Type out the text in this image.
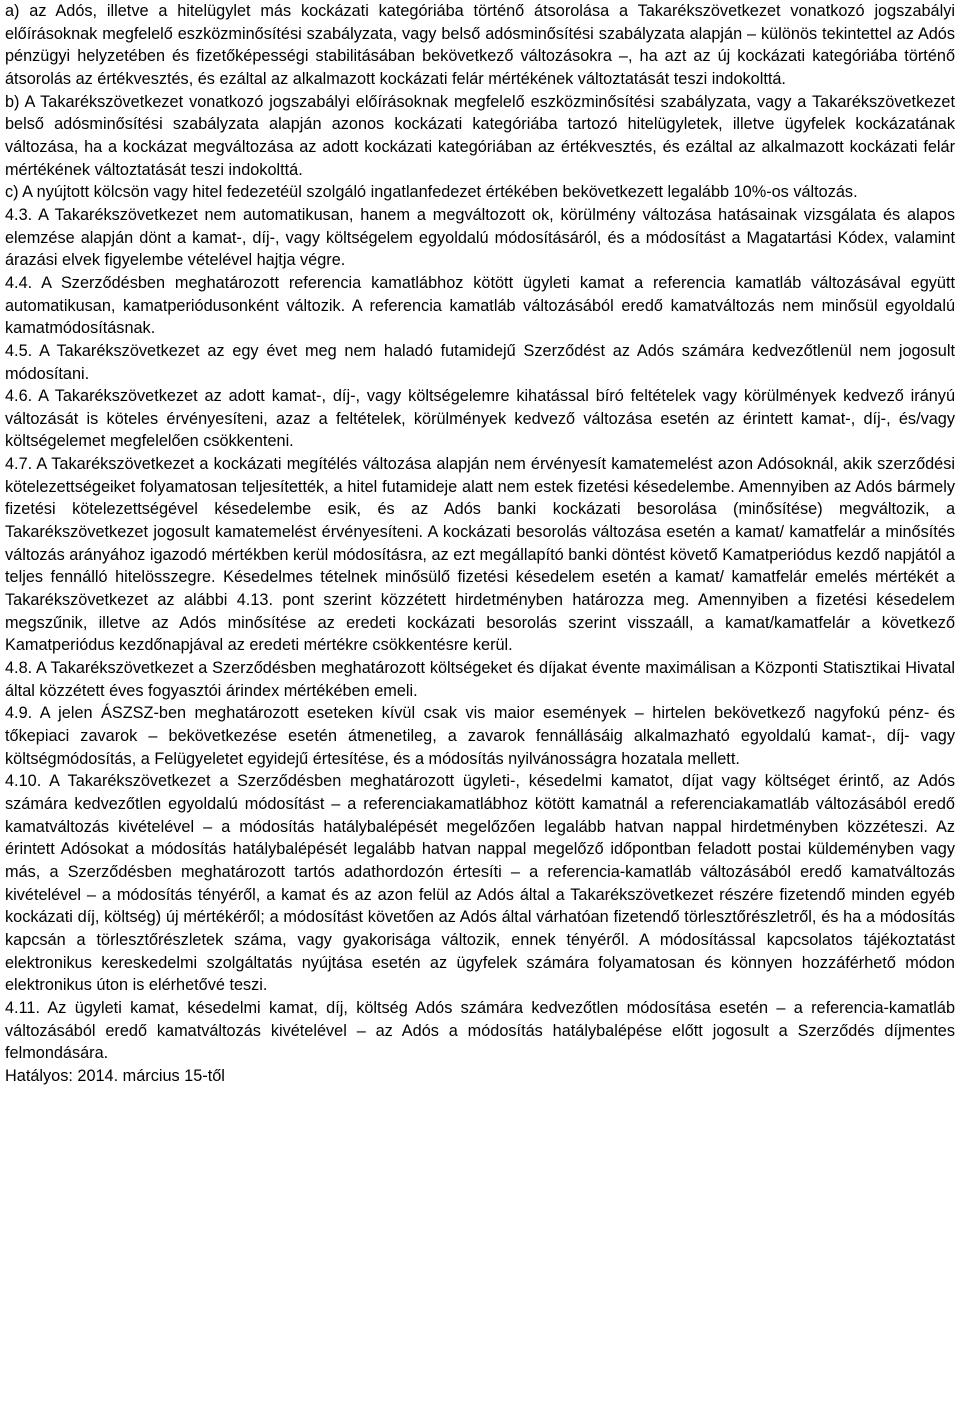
a) az Adós, illetve a hitelügylet más kockázati kategóriába történő átsorolása a Takarékszövetkezet vonatkozó jogszabályi előírásoknak megfelelő eszközminősítési szabályzata, vagy belső adósminősítési szabályzata alapján – különös tekintettel az Adós pénzügyi helyzetében és fizetőképességi stabilitásában bekövetkező változásokra –, ha azt az új kockázati kategóriába történő átsorolás az értékvesztés, és ezáltal az alkalmazott kockázati felár mértékének változtatását teszi indokolttá.

b) A Takarékszövetkezet vonatkozó jogszabályi előírásoknak megfelelő eszközminősítési szabályzata, vagy a Takarékszövetkezet belső adósminősítési szabályzata alapján azonos kockázati kategóriába tartozó hitelügyletek, illetve ügyfelek kockázatának változása, ha a kockázat megváltozása az adott kockázati kategóriában az értékvesztés, és ezáltal az alkalmazott kockázati felár mértékének változtatását teszi indokolttá.

c) A nyújtott kölcsön vagy hitel fedezetéül szolgáló ingatlanfedezet értékében bekövetkezett legalább 10%-os változás.

4.3. A Takarékszövetkezet nem automatikusan, hanem a megváltozott ok, körülmény változása hatásainak vizsgálata és alapos elemzése alapján dönt a kamat-, díj-, vagy költségelem egyoldalú módosításáról, és a módosítást a Magatartási Kódex, valamint árazási elvek figyelembe vételével hajtja végre.

4.4. A Szerződésben meghatározott referencia kamatlábhoz kötött ügyleti kamat a referencia kamatláb változásával együtt automatikusan, kamatperiódusonként változik. A referencia kamatláb változásából eredő kamatváltozás nem minősül egyoldalú kamatmódosításnak.

4.5. A Takarékszövetkezet az egy évet meg nem haladó futamidejű Szerződést az Adós számára kedvezőtlenül nem jogosult módosítani.

4.6. A Takarékszövetkezet az adott kamat-, díj-, vagy költségelemre kihatással bíró feltételek vagy körülmények kedvező irányú változását is köteles érvényesíteni, azaz a feltételek, körülmények kedvező változása esetén az érintett kamat-, díj-, és/vagy költségelemet megfelelően csökkenteni.

4.7. A Takarékszövetkezet a kockázati megítélés változása alapján nem érvényesít kamatemelést azon Adósoknál, akik szerződési kötelezettségeiket folyamatosan teljesítették, a hitel futamideje alatt nem estek fizetési késedelembe. Amennyiben az Adós bármely fizetési kötelezettségével késedelembe esik, és az Adós banki kockázati besorolása (minősítése) megváltozik, a Takarékszövetkezet jogosult kamatemelést érvényesíteni. A kockázati besorolás változása esetén a kamat/ kamatfelár a minősítés változás arányához igazodó mértékben kerül módosításra, az ezt megállapító banki döntést követő Kamatperiódus kezdő napjától a teljes fennálló hitelösszegre. Késedelmes tételnek minősülő fizetési késedelem esetén a kamat/ kamatfelár emelés mértékét a Takarékszövetkezet az alábbi 4.13. pont szerint közzétett hirdetményben határozza meg. Amennyiben a fizetési késedelem megszűnik, illetve az Adós minősítése az eredeti kockázati besorolás szerint visszaáll, a kamat/kamatfelár a következő Kamatperiódus kezdőnapjával az eredeti mértékre csökkentésre kerül.

4.8. A Takarékszövetkezet a Szerződésben meghatározott költségeket és díjakat évente maximálisan a Központi Statisztikai Hivatal által közzétett éves fogyasztói árindex mértékében emeli.

4.9. A jelen ÁSZSZ-ben meghatározott eseteken kívül csak vis maior események – hirtelen bekövetkező nagyfokú pénz- és tőkepiaci zavarok – bekövetkezése esetén átmenetileg, a zavarok fennállásáig alkalmazható egyoldalú kamat-, díj- vagy költségmódosítás, a Felügyeletet egyidejű értesítése, és a módosítás nyilvánosságra hozatala mellett.

4.10. A Takarékszövetkezet a Szerződésben meghatározott ügyleti-, késedelmi kamatot, díjat vagy költséget érintő, az Adós számára kedvezőtlen egyoldalú módosítást – a referenciakamatlábhoz kötött kamatnál a referenciakamatláb változásából eredő kamatváltozás kivételével – a módosítás hatálybalépését megelőzően legalább hatvan nappal hirdetményben közzéteszi. Az érintett Adósokat a módosítás hatálybalépését legalább hatvan nappal megelőző időpontban feladott postai küldeményben vagy más, a Szerződésben meghatározott tartós adathordozón értesíti – a referencia-kamatláb változásából eredő kamatváltozás kivételével – a módosítás tényéről, a kamat és az azon felül az Adós által a Takarékszövetkezet részére fizetendő minden egyéb kockázati díj, költség) új mértékéről; a módosítást követően az Adós által várhatóan fizetendő törlesztőrészletről, és ha a módosítás kapcsán a törlesztőrészletek száma, vagy gyakorisága változik, ennek tényéről. A módosítással kapcsolatos tájékoztatást elektronikus kereskedelmi szolgáltatás nyújtása esetén az ügyfelek számára folyamatosan és könnyen hozzáférhető módon elektronikus úton is elérhetővé teszi.

4.11. Az ügyleti kamat, késedelmi kamat, díj, költség Adós számára kedvezőtlen módosítása esetén – a referencia-kamatláb változásából eredő kamatváltozás kivételével – az Adós a módosítás hatálybalépése előtt jogosult a Szerződés díjmentes felmondására.

Hatályos: 2014. március 15-től
